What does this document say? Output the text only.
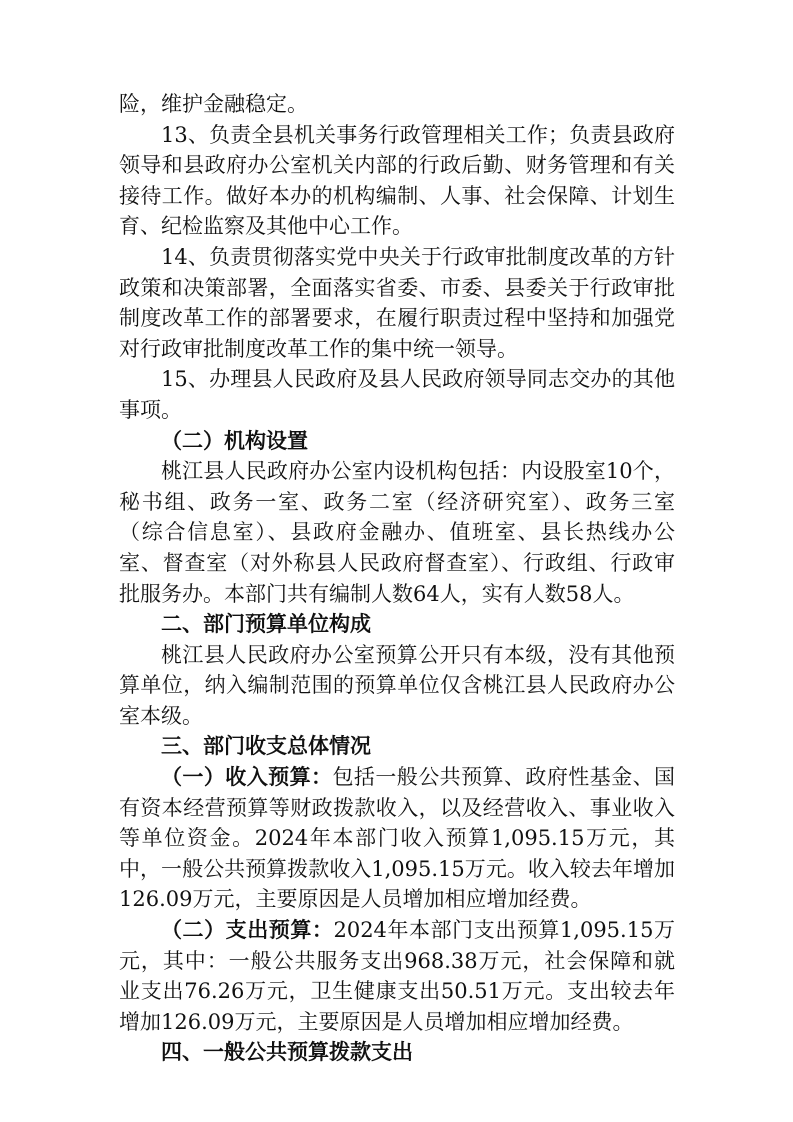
险，维护金融稳定。

13、负责全县机关事务行政管理相关工作；负责县政府领导和县政府办公室机关内部的行政后勤、财务管理和有关接待工作。做好本办的机构编制、人事、社会保障、计划生育、纪检监察及其他中心工作。

14、负责贯彻落实党中央关于行政审批制度改革的方针政策和决策部署，全面落实省委、市委、县委关于行政审批制度改革工作的部署要求，在履行职责过程中坚持和加强党对行政审批制度改革工作的集中统一领导。

15、办理县人民政府及县人民政府领导同志交办的其他事项。

（二）机构设置

桃江县人民政府办公室内设机构包括：内设股室10个，秘书组、政务一室、政务二室（经济研究室）、政务三室（综合信息室）、县政府金融办、值班室、县长热线办公室、督查室（对外称县人民政府督查室）、行政组、行政审批服务办。本部门共有编制人数64人，实有人数58人。

二、部门预算单位构成

桃江县人民政府办公室预算公开只有本级，没有其他预算单位，纳入编制范围的预算单位仅含桃江县人民政府办公室本级。

三、部门收支总体情况

（一）收入预算：包括一般公共预算、政府性基金、国有资本经营预算等财政拨款收入，以及经营收入、事业收入等单位资金。2024年本部门收入预算1,095.15万元，其中，一般公共预算拨款收入1,095.15万元。收入较去年增加126.09万元，主要原因是人员增加相应增加经费。

（二）支出预算：2024年本部门支出预算1,095.15万元，其中：一般公共服务支出968.38万元，社会保障和就业支出76.26万元，卫生健康支出50.51万元。支出较去年增加126.09万元，主要原因是人员增加相应增加经费。

四、一般公共预算拨款支出
